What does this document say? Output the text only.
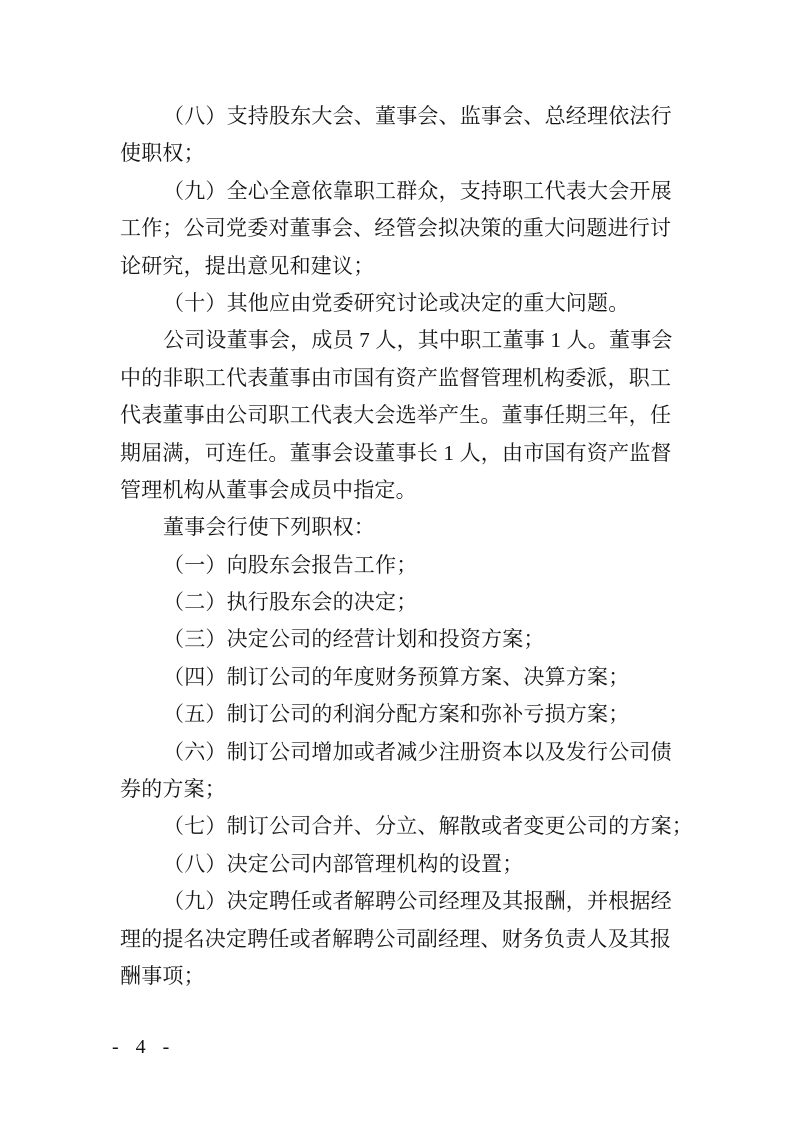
（八）支持股东大会、董事会、监事会、总经理依法行
使职权；
（九）全心全意依靠职工群众，支持职工代表大会开展
工作；公司党委对董事会、经管会拟决策的重大问题进行讨
论研究，提出意见和建议；
（十）其他应由党委研究讨论或决定的重大问题。
公司设董事会，成员 7 人，其中职工董事 1 人。董事会
中的非职工代表董事由市国有资产监督管理机构委派，职工
代表董事由公司职工代表大会选举产生。董事任期三年，任
期届满，可连任。董事会设董事长 1 人，由市国有资产监督
管理机构从董事会成员中指定。
董事会行使下列职权：
（一）向股东会报告工作；
（二）执行股东会的决定；
（三）决定公司的经营计划和投资方案；
（四）制订公司的年度财务预算方案、决算方案；
（五）制订公司的利润分配方案和弥补亏损方案；
（六）制订公司增加或者减少注册资本以及发行公司债
券的方案；
（七）制订公司合并、分立、解散或者变更公司的方案；
（八）决定公司内部管理机构的设置；
（九）决定聘任或者解聘公司经理及其报酬，并根据经
理的提名决定聘任或者解聘公司副经理、财务负责人及其报
酬事项；
- 4 -
